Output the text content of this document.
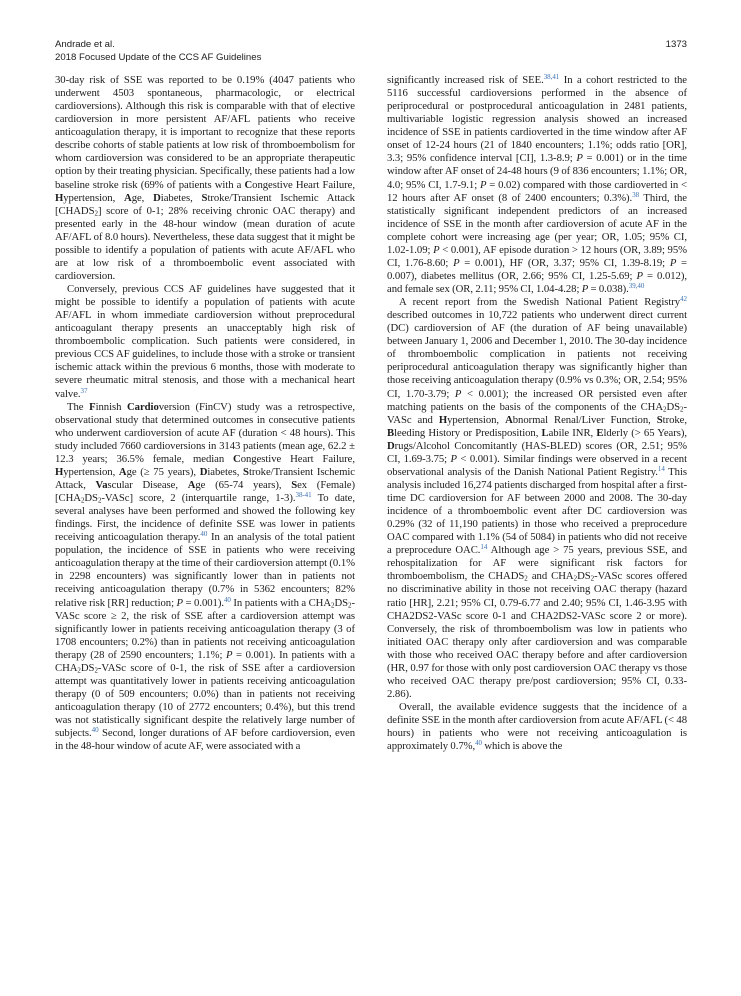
Andrade et al.
2018 Focused Update of the CCS AF Guidelines
1373

30-day risk of SSE was reported to be 0.19% (4047 patients who underwent 4503 spontaneous, pharmacologic, or electrical cardioversions). Although this risk is comparable with that of elective cardioversion in more persistent AF/AFL patients who receive anticoagulation therapy, it is important to recognize that these reports describe cohorts of stable patients at low risk of thromboembolism for whom cardioversion was considered to be an appropriate therapeutic option by their treating physician. Specifically, these patients had a low baseline stroke risk (69% of patients with a Congestive Heart Failure, Hypertension, Age, Diabetes, Stroke/Transient Ischemic Attack $[CHADS_2]$ score of 0-1; 28% receiving chronic OAC therapy) and presented early in the 48-hour window (mean duration of acute AF/AFL of 8.0 hours). Nevertheless, these data suggest that it might be possible to identify a population of patients with acute AF/AFL who are at low risk of a thromboembolic event associated with cardioversion.

Conversely, previous CCS AF guidelines have suggested that it might be possible to identify a population of patients with acute AF/AFL in whom immediate cardioversion without preprocedural anticoagulant therapy presents an unacceptably high risk of thromboembolic complication. Such patients were considered, in previous CCS AF guidelines, to include those with a stroke or transient ischemic attack within the previous 6 months, those with moderate to severe rheumatic mitral stenosis, and those with a mechanical heart valve.$^{37}$

The Finnish Cardioversion (FinCV) study was a retrospective, observational study that determined outcomes in consecutive patients who underwent cardioversion of acute AF (duration < 48 hours). This study included 7660 cardioversions in 3143 patients (mean age, 62.2 ± 12.3 years; 36.5% female, median Congestive Heart Failure, Hypertension, Age (≥ 75 years), Diabetes, Stroke/Transient Ischemic Attack, Vascular Disease, Age (65-74 years), Sex (Female) $[CHA_2DS_2-VASc]$ score, 2 (interquartile range, 1-3).$^{38-41}$ To date, several analyses have been performed and showed the following key findings. First, the incidence of definite SSE was lower in patients receiving anticoagulation therapy.$^{40}$ In an analysis of the total patient population, the incidence of SSE in patients who were receiving anticoagulation therapy at the time of their cardioversion attempt (0.1% in 2298 encounters) was significantly lower than in patients not receiving anticoagulation therapy (0.7% in 5362 encounters; 82% relative risk [RR] reduction; P = 0.001).$^{40}$ In patients with a $CHA_2DS_2$-VASc score ≥ 2, the risk of SSE after a cardioversion attempt was significantly lower in patients receiving anticoagulation therapy (3 of 1708 encounters; 0.2%) than in patients not receiving anticoagulation therapy (28 of 2590 encounters; 1.1%; P = 0.001). In patients with a $CHA_2DS_2$-VASc score of 0-1, the risk of SSE after a cardioversion attempt was quantitatively lower in patients receiving anticoagulation therapy (0 of 509 encounters; 0.0%) than in patients not receiving anticoagulation therapy (10 of 2772 encounters; 0.4%), but this trend was not statistically significant despite the relatively large number of subjects.$^{40}$ Second, longer durations of AF before cardioversion, even in the 48-hour window of acute AF, were associated with a

significantly increased risk of SEE.$^{38,41}$ In a cohort restricted to the 5116 successful cardioversions performed in the absence of periprocedural or postprocedural anticoagulation in 2481 patients, multivariable logistic regression analysis showed an increased incidence of SSE in patients cardioverted in the time window after AF onset of 12-24 hours (21 of 1840 encounters; 1.1%; odds ratio [OR], 3.3; 95% confidence interval [CI], 1.3-8.9; P = 0.001) or in the time window after AF onset of 24-48 hours (9 of 836 encounters; 1.1%; OR, 4.0; 95% CI, 1.7-9.1; P = 0.02) compared with those cardioverted in < 12 hours after AF onset (8 of 2400 encounters; 0.3%).$^{38}$ Third, the statistically significant independent predictors of an increased incidence of SSE in the month after cardioversion of acute AF in the complete cohort were increasing age (per year; OR, 1.05; 95% CI, 1.02-1.09; P < 0.001), AF episode duration > 12 hours (OR, 3.89; 95% CI, 1.76-8.60; P = 0.001), HF (OR, 3.37; 95% CI, 1.39-8.19; P = 0.007), diabetes mellitus (OR, 2.66; 95% CI, 1.25-5.69; P = 0.012), and female sex (OR, 2.11; 95% CI, 1.04-4.28; P = 0.038).$^{39,40}$

A recent report from the Swedish National Patient Registry$^{42}$ described outcomes in 10,722 patients who underwent direct current (DC) cardioversion of AF (the duration of AF being unavailable) between January 1, 2006 and December 1, 2010. The 30-day incidence of thromboembolic complication in patients not receiving periprocedural anticoagulation therapy was significantly higher than those receiving anticoagulation therapy (0.9% vs 0.3%; OR, 2.54; 95% CI, 1.70-3.79; P < 0.001); the increased OR persisted even after matching patients on the basis of the components of the $CHA_2DS_2$-VASc and Hypertension, Abnormal Renal/Liver Function, Stroke, Bleeding History or Predisposition, Labile INR, Elderly (> 65 Years), Drugs/Alcohol Concomitantly (HAS-BLED) scores (OR, 2.51; 95% CI, 1.69-3.75; P < 0.001). Similar findings were observed in a recent observational analysis of the Danish National Patient Registry.$^{14}$ This analysis included 16,274 patients discharged from hospital after a first-time DC cardioversion for AF between 2000 and 2008. The 30-day incidence of a thromboembolic event after DC cardioversion was 0.29% (32 of 11,190 patients) in those who received a preprocedure OAC compared with 1.1% (54 of 5084) in patients who did not receive a preprocedure OAC.$^{14}$ Although age > 75 years, previous SSE, and rehospitalization for AF were significant risk factors for thromboembolism, the $CHADS_2$ and $CHA_2DS_2$-VASc scores offered no discriminative ability in those not receiving OAC therapy (hazard ratio [HR], 2.21; 95% CI, 0.79-6.77 and 2.40; 95% CI, 1.46-3.95 with CHA2DS2-VASc score 0-1 and CHA2DS2-VASc score 2 or more). Conversely, the risk of thromboembolism was low in patients who initiated OAC therapy only after cardioversion and was comparable with those who received OAC therapy before and after cardioversion (HR, 0.97 for those with only post cardioversion OAC therapy vs those who received OAC therapy pre/post cardioversion; 95% CI, 0.33-2.86).

Overall, the available evidence suggests that the incidence of a definite SSE in the month after cardioversion from acute AF/AFL (< 48 hours) in patients who were not receiving anticoagulation is approximately 0.7%,$^{40}$ which is above the
